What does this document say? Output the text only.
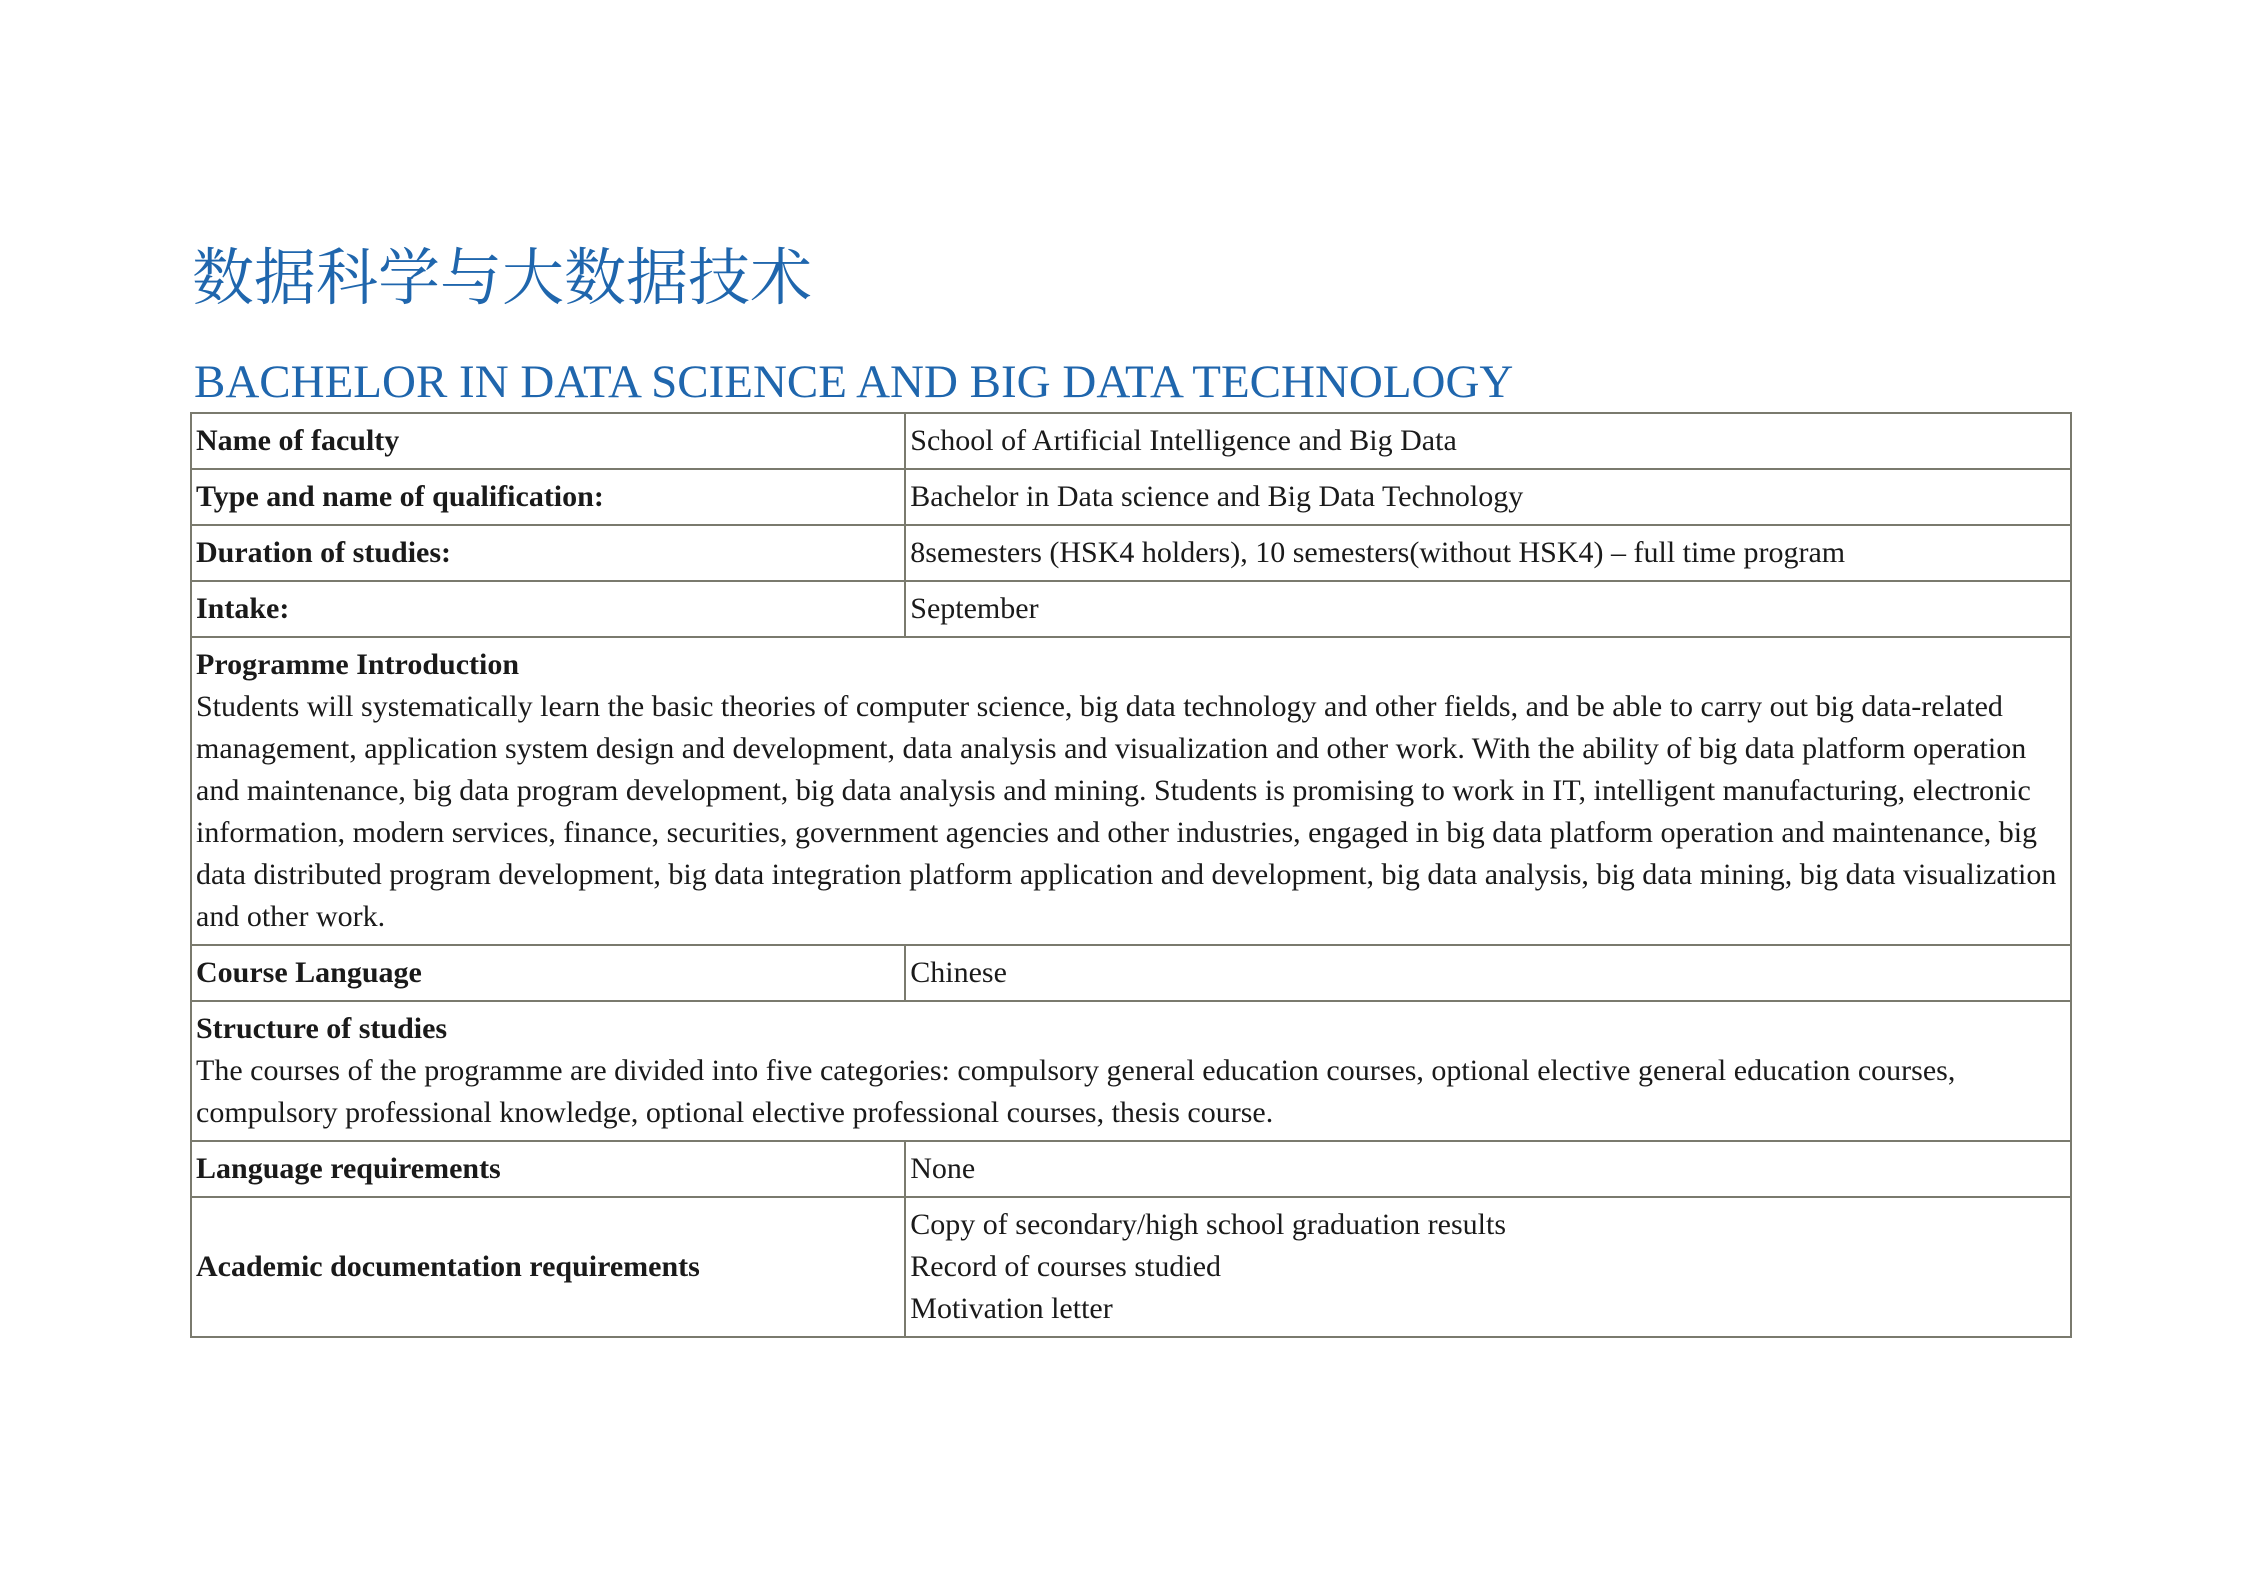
数据科学与大数据技术
BACHELOR IN DATA SCIENCE AND BIG DATA TECHNOLOGY
Name of faculty	School of Artificial Intelligence and Big Data
Type and name of qualification:	Bachelor in Data science and Big Data Technology
Duration of studies:	8semesters (HSK4 holders), 10 semesters(without HSK4) – full time program
Intake:	September

Programme Introduction
Students will systematically learn the basic theories of computer science, big data technology and other fields, and be able to carry out big data-related management, application system design and development, data analysis and visualization and other work. With the ability of big data platform operation and maintenance, big data program development, big data analysis and mining. Students is promising to work in IT, intelligent manufacturing, electronic information, modern services, finance, securities, government agencies and other industries, engaged in big data platform operation and maintenance, big data distributed program development, big data integration platform application and development, big data analysis, big data mining, big data visualization and other work.	

Course Language	Chinese

Structure of studies
The courses of the programme are divided into five categories: compulsory general education courses, optional elective general education courses, compulsory professional knowledge, optional elective professional courses, thesis course.	

Language requirements	None
Academic documentation requirements	Copy of secondary/high school graduation results
Record of courses studied
Motivation letter
